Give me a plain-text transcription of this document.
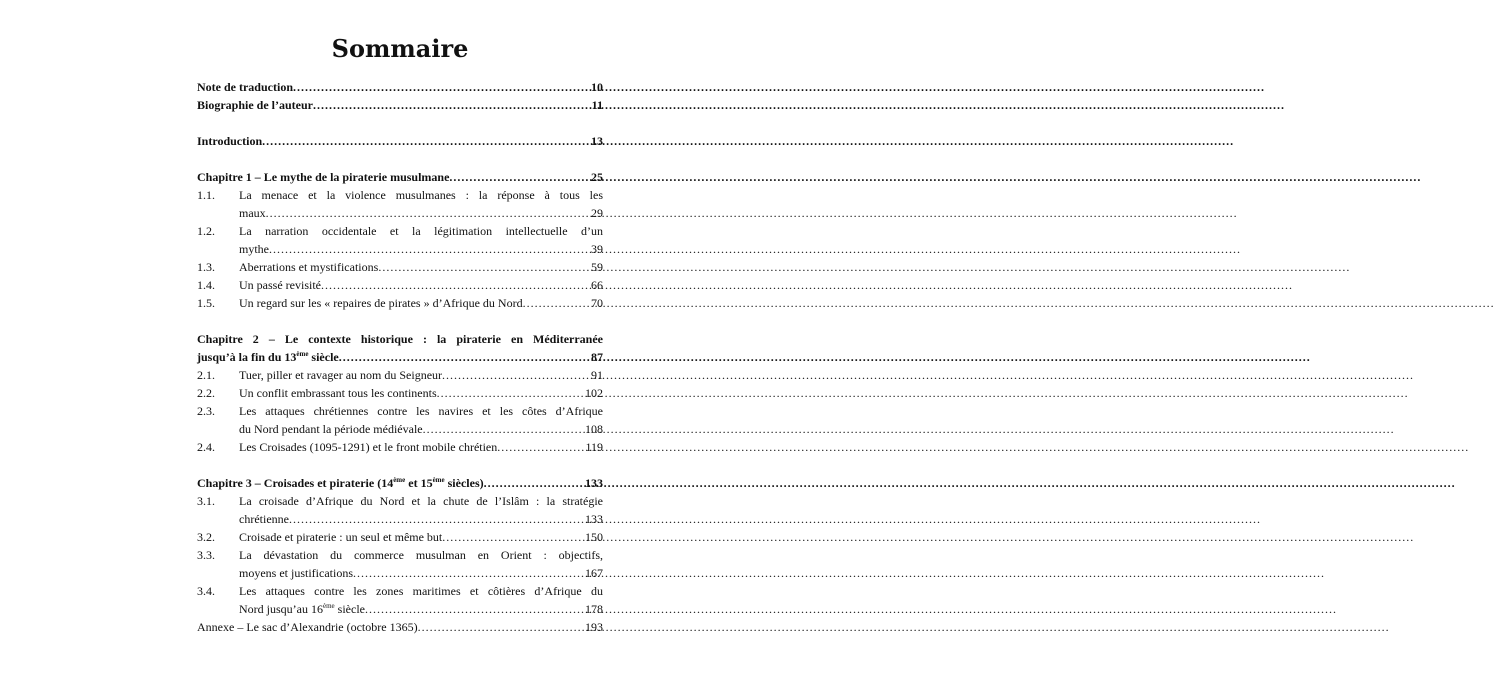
Sommaire
Note de traduction .....	10
Biographie de l’auteur .....	11
Introduction .....	13
Chapitre 1 – Le mythe de la piraterie musulmane .....	25
1.1.	La menace et la violence musulmanes : la réponse à tous les
maux .....	29
1.2.	La narration occidentale et la légitimation intellectuelle d’un
mythe .....	39
1.3.	Aberrations et mystifications .....	59
1.4.	Un passé revisité .....	66
1.5.	Un regard sur les « repaires de pirates » d’Afrique du Nord .....	70
Chapitre 2 – Le contexte historique : la piraterie en Méditerranée
jusqu’à la fin du 13ème siècle .....	87
2.1.	Tuer, piller et ravager au nom du Seigneur .....	91
2.2.	Un conflit embrassant tous les continents .....	102
2.3.	Les attaques chrétiennes contre les navires et les côtes d’Afrique
du Nord pendant la période médiévale .....	108
2.4.	Les Croisades (1095-1291) et le front mobile chrétien .....	119
Chapitre 3 – Croisades et piraterie (14ème et 15ème siècles) .....	133
3.1.	La croisade d’Afrique du Nord et la chute de l’Islâm : la stratégie
chrétienne .....	133
3.2.	Croisade et piraterie : un seul et même but .....	150
3.3.	La dévastation du commerce musulman en Orient : objectifs,
moyens et justifications .....	167
3.4.	Les attaques contre les zones maritimes et côtières d’Afrique du
Nord jusqu’au 16ème siècle .....	178
Annexe – Le sac d’Alexandrie (octobre 1365) .....	193
